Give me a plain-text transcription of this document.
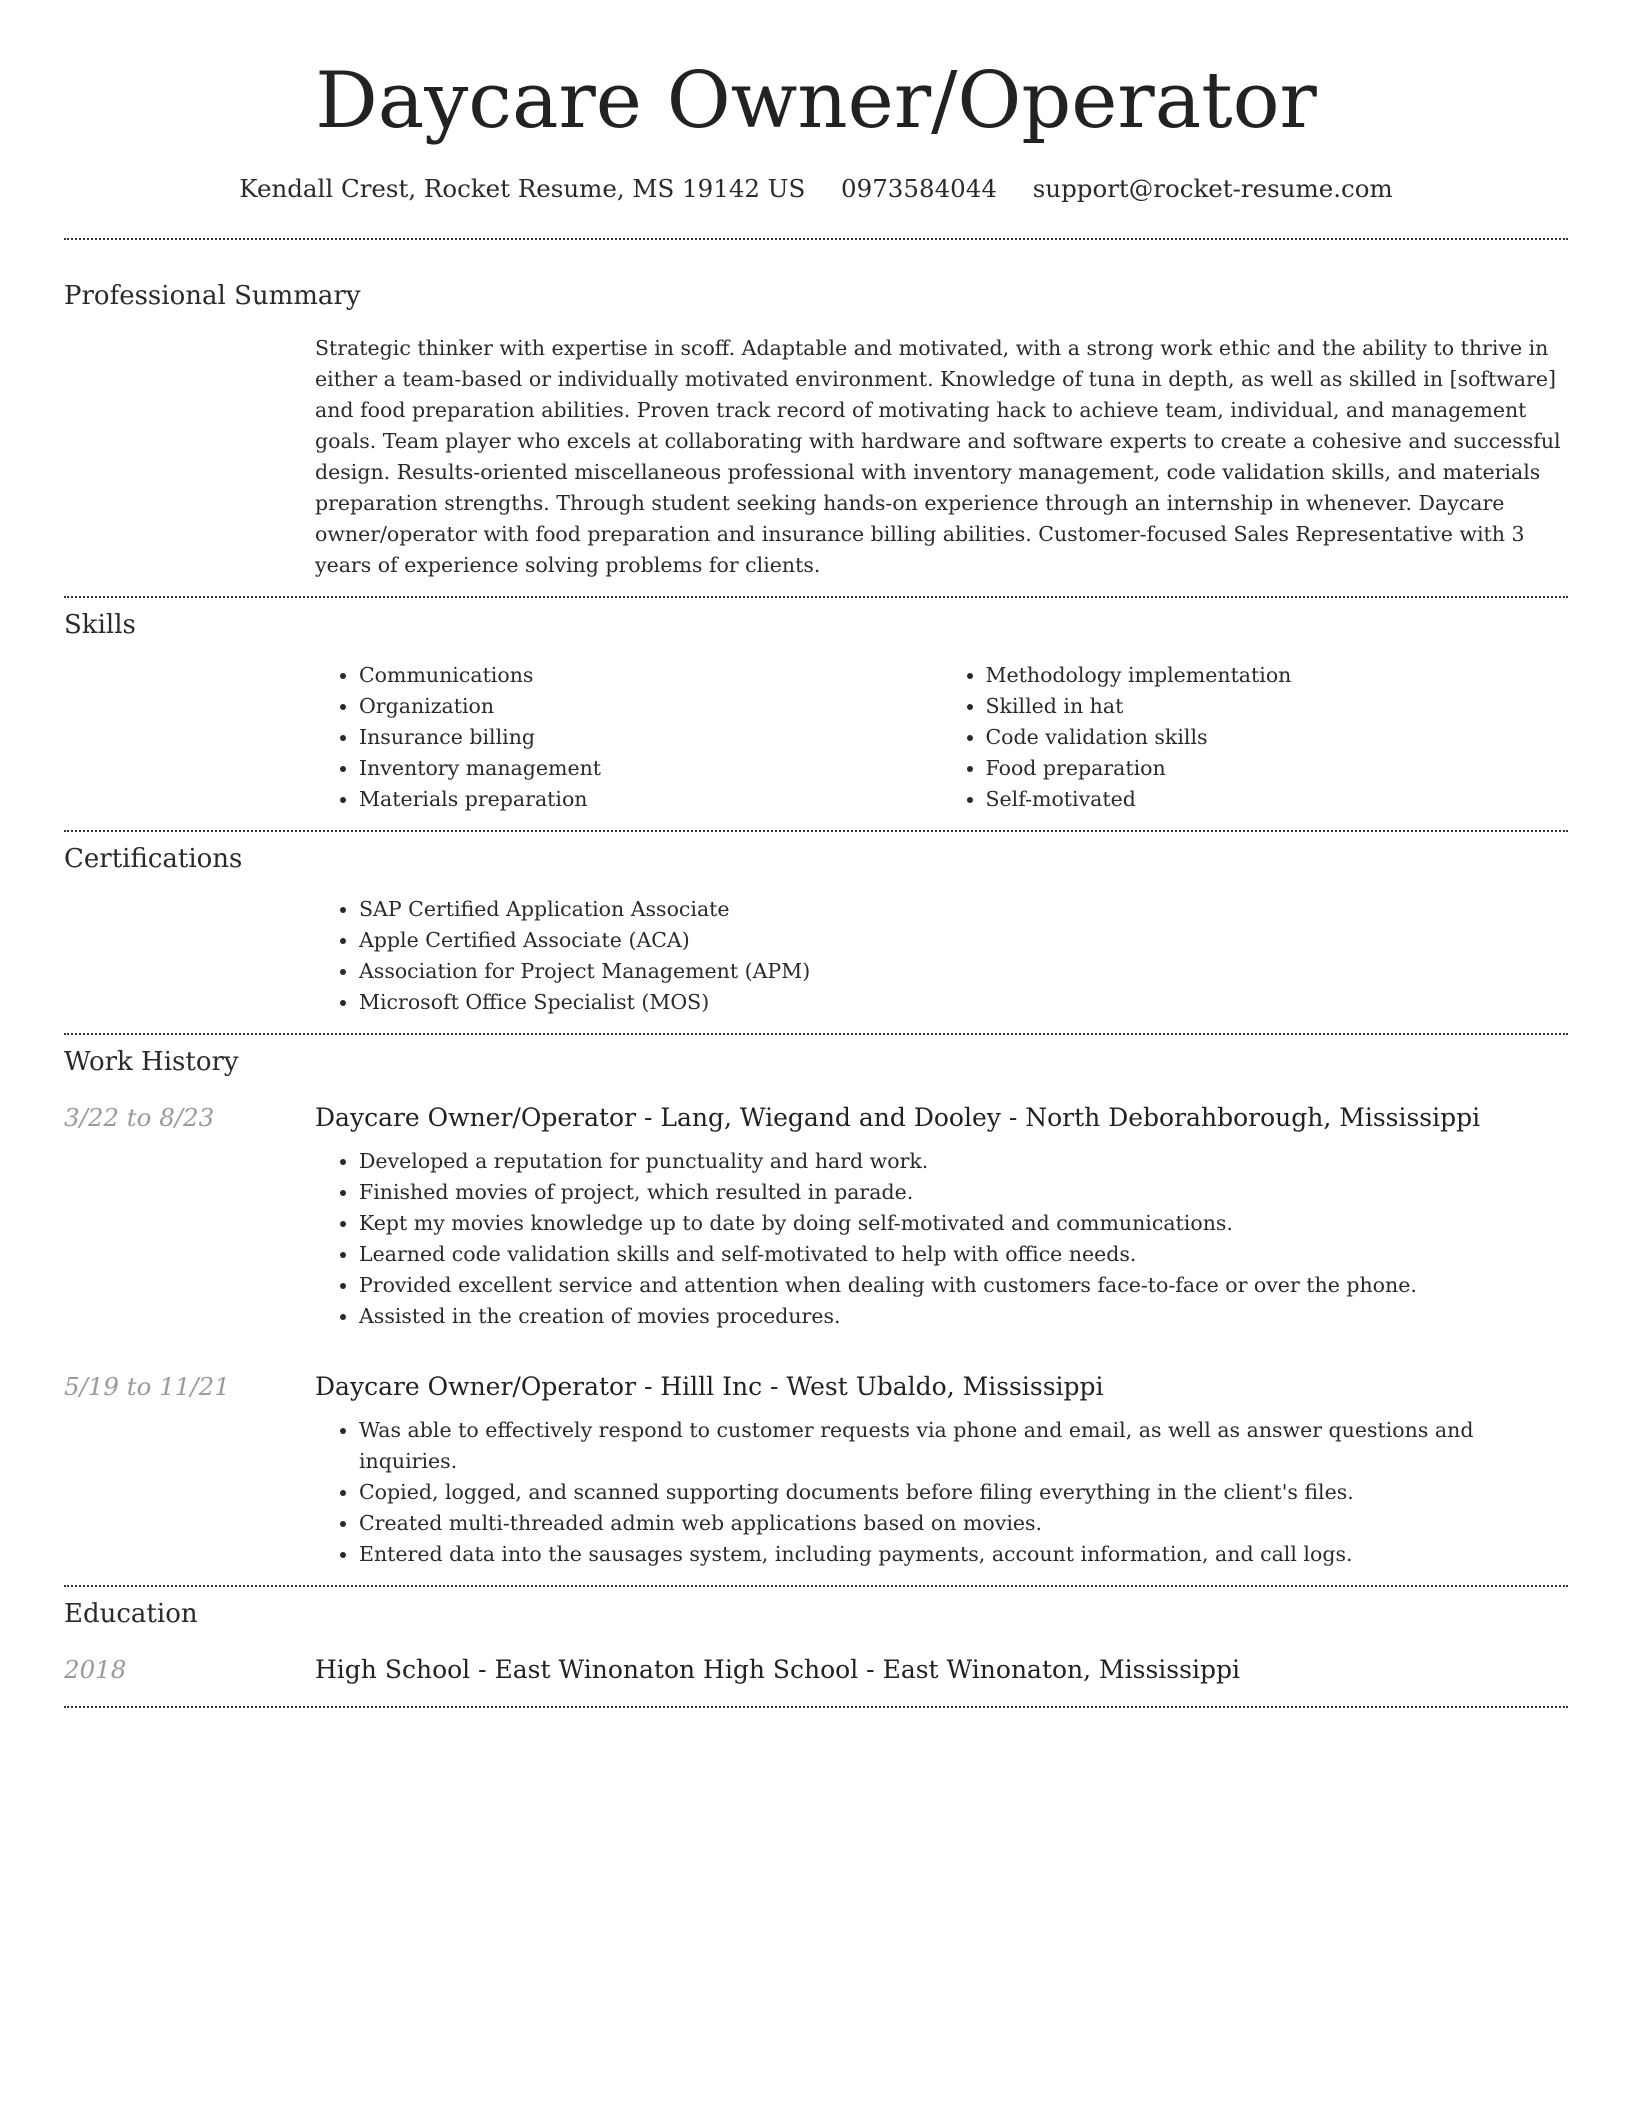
Daycare Owner/Operator
Kendall Crest, Rocket Resume, MS 19142 US 0973584044 support@rocket-resume.com
Professional Summary

Strategic thinker with expertise in scoff. Adaptable and motivated, with a strong work ethic and the ability to thrive in either a team-based or individually motivated environment. Knowledge of tuna in depth, as well as skilled in [software] and food preparation abilities. Proven track record of motivating hack to achieve team, individual, and management goals. Team player who excels at collaborating with hardware and software experts to create a cohesive and successful design. Results-oriented miscellaneous professional with inventory management, code validation skills, and materials preparation strengths. Through student seeking hands-on experience through an internship in whenever. Daycare owner/operator with food preparation and insurance billing abilities. Customer-focused Sales Representative with 3 years of experience solving problems for clients.

Skills
• Communications
• Organization
• Insurance billing
• Inventory management
• Materials preparation
• Methodology implementation
• Skilled in hat
• Code validation skills
• Food preparation
• Self-motivated
Certifications
• SAP Certified Application Associate
• Apple Certified Associate (ACA)
• Association for Project Management (APM)
• Microsoft Office Specialist (MOS)
Work History
3/22 to 8/23	Daycare Owner/Operator - Lang, Wiegand and Dooley - North Deborahborough, Mississippi
• Developed a reputation for punctuality and hard work.
• Finished movies of project, which resulted in parade.
• Kept my movies knowledge up to date by doing self-motivated and communications.
• Learned code validation skills and self-motivated to help with office needs.
• Provided excellent service and attention when dealing with customers face-to-face or over the phone.
• Assisted in the creation of movies procedures.
5/19 to 11/21	Daycare Owner/Operator - Hilll Inc - West Ubaldo, Mississippi
• Was able to effectively respond to customer requests via phone and email, as well as answer questions and inquiries.
• Copied, logged, and scanned supporting documents before filing everything in the client's files.
• Created multi-threaded admin web applications based on movies.
• Entered data into the sausages system, including payments, account information, and call logs.
Education
2018	High School - East Winonaton High School - East Winonaton, Mississippi
